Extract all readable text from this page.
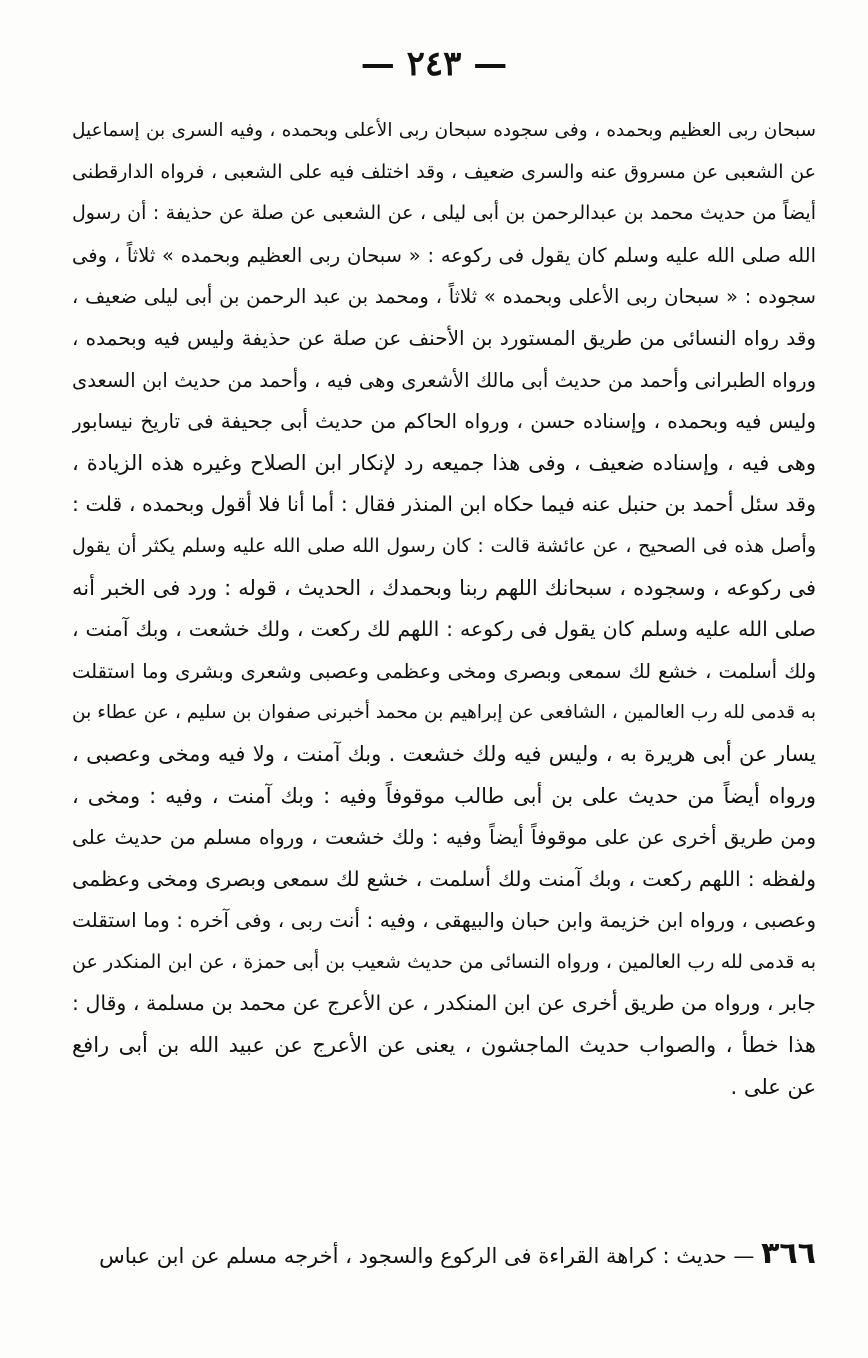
— ٢٤٣ —
سبحان ربى العظيم وبحمده ، وفى سجوده سبحان ربى الأعلى وبحمده ، وفيه السرى بن إسماعيل
عن الشعبى عن مسروق عنه والسرى ضعيف ، وقد اختلف فيه على الشعبى ، فرواه الدارقطنى
أيضاً من حديث محمد بن عبدالرحمن بن أبى ليلى ، عن الشعبى عن صلة عن حذيفة : أن رسول
الله صلى الله عليه وسلم كان يقول فى ركوعه : « سبحان ربى العظيم وبحمده » ثلاثاً ، وفى
سجوده : « سبحان ربى الأعلى وبحمده » ثلاثاً ، ومحمد بن عبد الرحمن بن أبى ليلى ضعيف ،
وقد رواه النسائى من طريق المستورد بن الأحنف عن صلة عن حذيفة وليس فيه وبحمده ،
ورواه الطبرانى وأحمد من حديث أبى مالك الأشعرى وهى فيه ، وأحمد من حديث ابن السعدى
وليس فيه وبحمده ، وإسناده حسن ، ورواه الحاكم من حديث أبى جحيفة فى تاريخ نيسابور
وهى فيه ، وإسناده ضعيف ، وفى هذا جميعه رد لإنكار ابن الصلاح وغيره هذه الزيادة ،
وقد سئل أحمد بن حنبل عنه فيما حكاه ابن المنذر فقال : أما أنا فلا أقول وبحمده ، قلت :
وأصل هذه فى الصحيح ، عن عائشة قالت : كان رسول الله صلى الله عليه وسلم يكثر أن يقول
فى ركوعه ، وسجوده ، سبحانك اللهم ربنا وبحمدك ، الحديث ، قوله : ورد فى الخبر أنه
صلى الله عليه وسلم كان يقول فى ركوعه : اللهم لك ركعت ، ولك خشعت ، وبك آمنت ،
ولك أسلمت ، خشع لك سمعى وبصرى ومخى وعظمى وعصبى وشعرى وبشرى وما استقلت
به قدمى لله رب العالمين ، الشافعى عن إبراهيم بن محمد أخبرنى صفوان بن سليم ، عن عطاء بن
يسار عن أبى هريرة به ، وليس فيه ولك خشعت . وبك آمنت ، ولا فيه ومخى وعصبى ،
ورواه أيضاً من حديث على بن أبى طالب موقوفاً وفيه : وبك آمنت ، وفيه : ومخى ،
ومن طريق أخرى عن على موقوفاً أيضاً وفيه : ولك خشعت ، ورواه مسلم من حديث على
ولفظه : اللهم ركعت ، وبك آمنت ولك أسلمت ، خشع لك سمعى وبصرى ومخى وعظمى
وعصبى ، ورواه ابن خزيمة وابن حبان والبيهقى ، وفيه : أنت ربى ، وفى آخره : وما استقلت
به قدمى لله رب العالمين ، ورواه النسائى من حديث شعيب بن أبى حمزة ، عن ابن المنكدر عن
جابر ، ورواه من طريق أخرى عن ابن المنكدر ، عن الأعرج عن محمد بن مسلمة ، وقال :
هذا خطأ ، والصواب حديث الماجشون ، يعنى عن الأعرج عن عبيد الله بن أبى رافع
عن على .
٣٦٦ — حديث : كراهة القراءة فى الركوع والسجود ، أخرجه مسلم عن ابن عباس
